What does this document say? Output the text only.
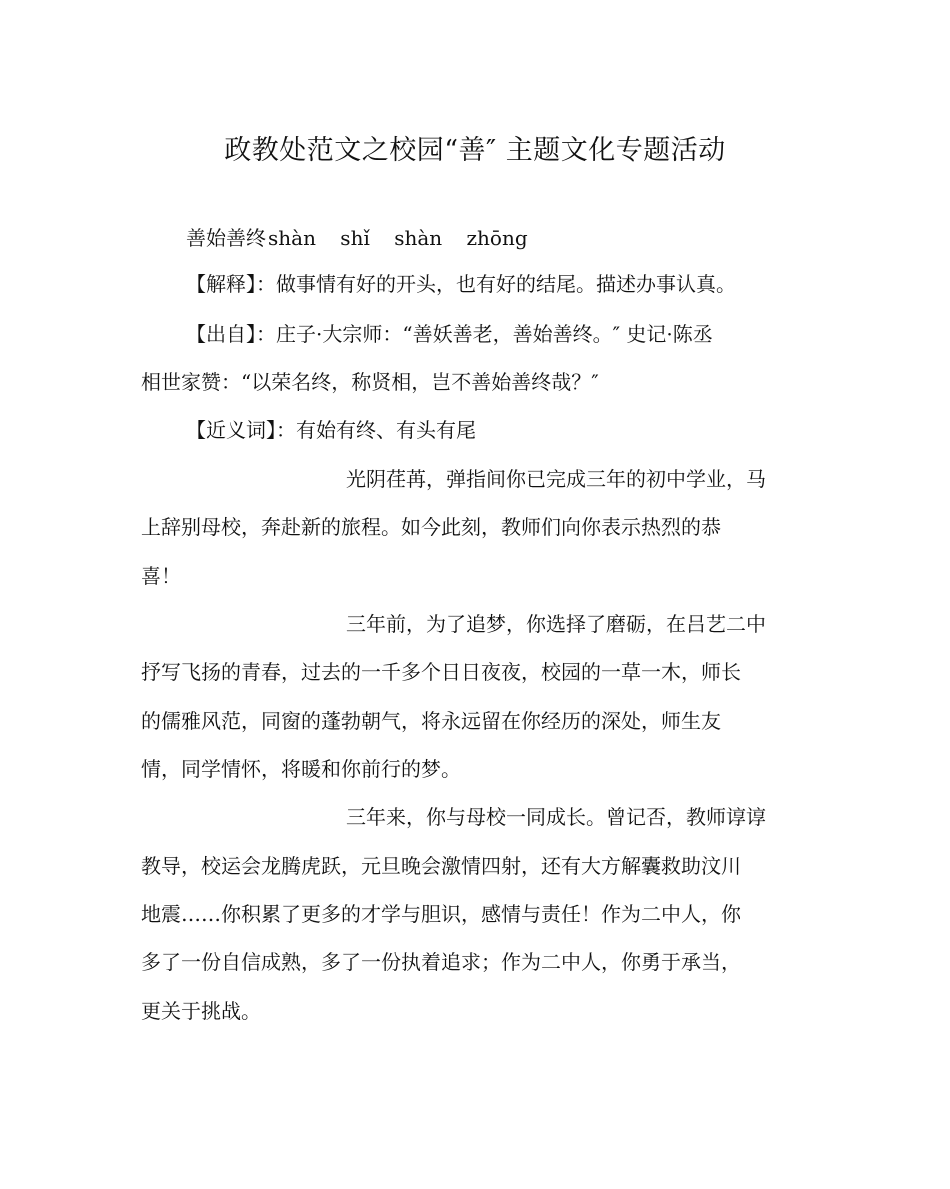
政教处范文之校园“善″ 主题文化专题活动
善始善终 shàn shǐ shàn zhōng
【解释】：做事情有好的开头，也有好的结尾。描述办事认真。
【出自】：庄子·大宗师：“善妖善老，善始善终。″ 史记·陈丞
相世家赞：“以荣名终，称贤相，岂不善始善终哉？″
【近义词】：有始有终、有头有尾
光阴荏苒，弹指间你已完成三年的初中学业，马
上辞别母校，奔赴新的旅程。如今此刻，教师们向你表示热烈的恭
喜！
三年前，为了追梦，你选择了磨砺，在吕艺二中
抒写飞扬的青春，过去的一千多个日日夜夜，校园的一草一木，师长
的儒雅风范，同窗的蓬勃朝气，将永远留在你经历的深处，师生友
情，同学情怀，将暖和你前行的梦。
三年来，你与母校一同成长。曾记否，教师谆谆
教导，校运会龙腾虎跃，元旦晚会激情四射，还有大方解囊救助汶川
地震……你积累了更多的才学与胆识，感情与责任！作为二中人，你
多了一份自信成熟，多了一份执着追求；作为二中人，你勇于承当，
更关于挑战。
